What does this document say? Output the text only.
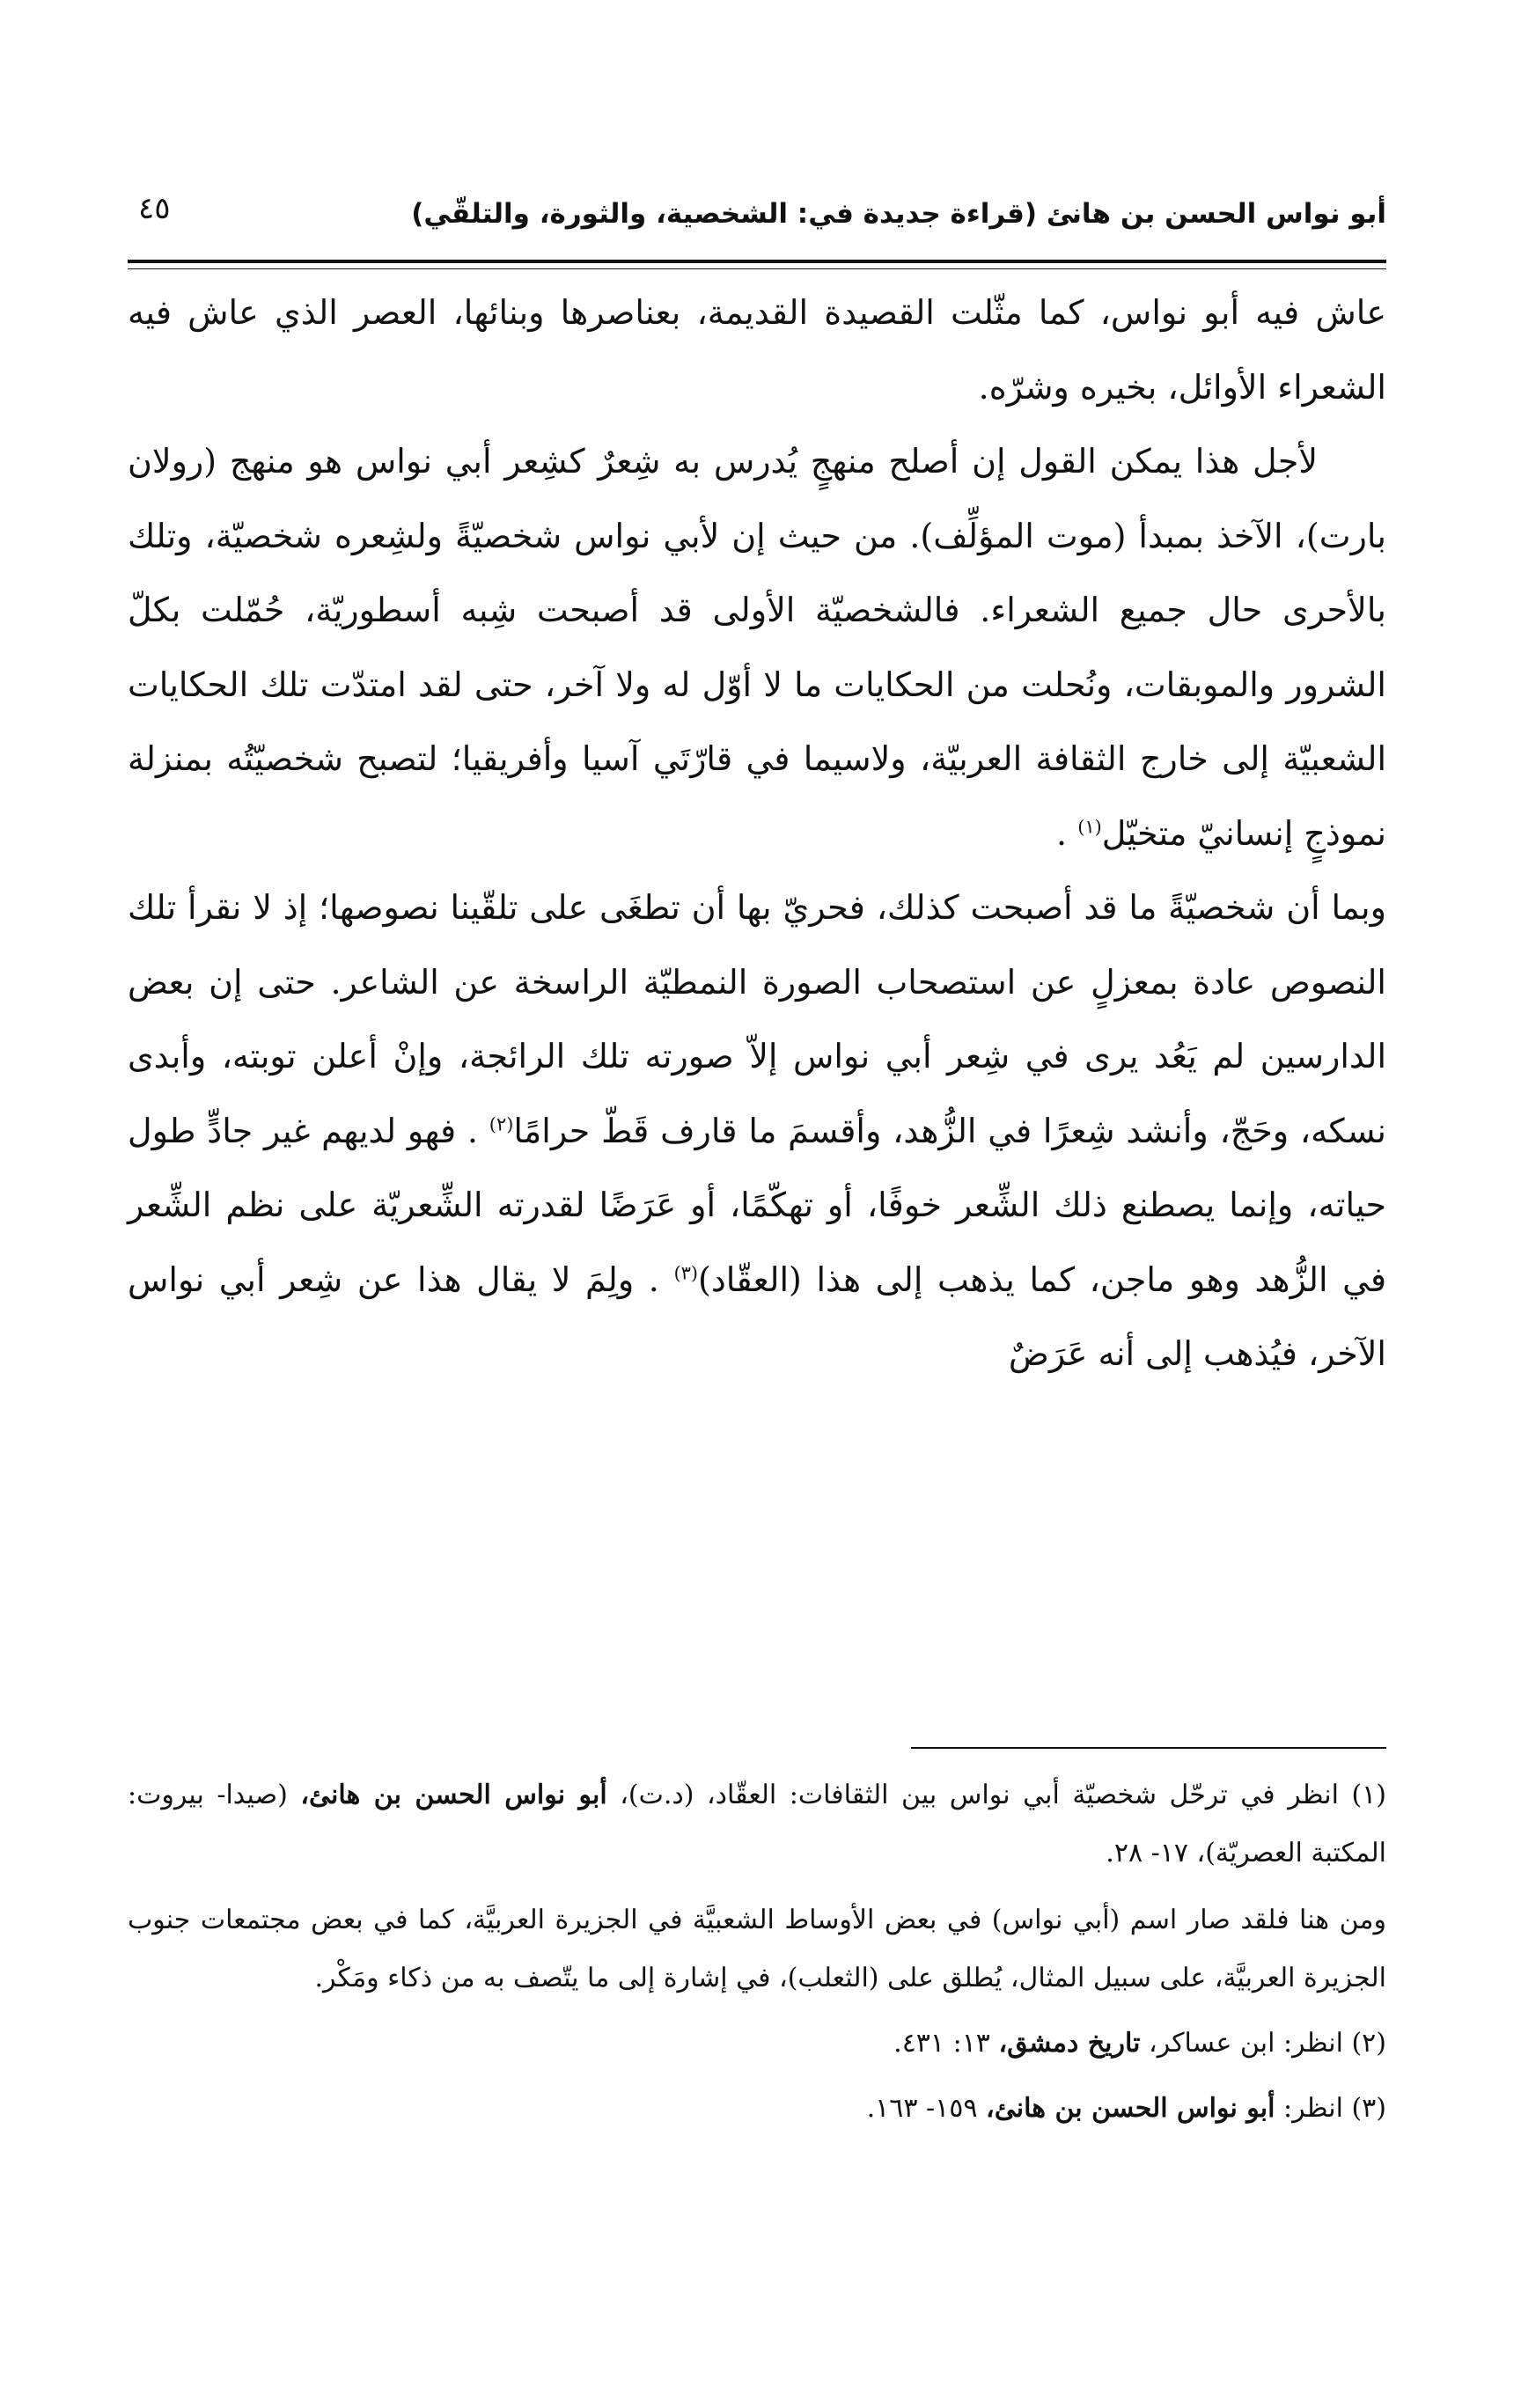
أبو نواس الحسن بن هانئ (قراءة جديدة في: الشخصية، والثورة، والتلقّي)
٤٥

عاش فيه أبو نواس، كما مثّلت القصيدة القديمة، بعناصرها وبنائها، العصر الذي عاش فيه الشعراء الأوائل، بخيره وشرّه.

لأجل هذا يمكن القول إن أصلح منهجٍ يُدرس به شِعرٌ كشِعر أبي نواس هو منهج (رولان بارت)، الآخذ بمبدأ (موت المؤلِّف). من حيث إن لأبي نواس شخصيّةً ولشِعره شخصيّة، وتلك بالأحرى حال جميع الشعراء. فالشخصيّة الأولى قد أصبحت شِبه أسطوريّة، حُمّلت بكلّ الشرور والموبقات، ونُحلت من الحكايات ما لا أوّل له ولا آخر، حتى لقد امتدّت تلك الحكايات الشعبيّة إلى خارج الثقافة العربيّة، ولاسيما في قارّتَي آسيا وأفريقيا؛ لتصبح شخصيّتُه بمنزلة نموذجٍ إنسانيّ متخيّل$^{(١)}$ .

وبما أن شخصيّةً ما قد أصبحت كذلك، فحريّ بها أن تطغَى على تلقّينا نصوصها؛ إذ لا نقرأ تلك النصوص عادة بمعزلٍ عن استصحاب الصورة النمطيّة الراسخة عن الشاعر. حتى إن بعض الدارسين لم يَعُد يرى في شِعر أبي نواس إلاّ صورته تلك الرائجة، وإنْ أعلن توبته، وأبدى نسكه، وحَجّ، وأنشد شِعرًا في الزُّهد، وأقسمَ ما قارف قَطّ حرامًا$^{(٢)}$ . فهو لديهم غير جادٍّ طول حياته، وإنما يصطنع ذلك الشِّعر خوفًا، أو تهكّمًا، أو عَرَضًا لقدرته الشِّعريّة على نظم الشِّعر في الزُّهد وهو ماجن، كما يذهب إلى هذا (العقّاد)$^{(٣)}$ . ولِمَ لا يقال هذا عن شِعر أبي نواس الآخر، فيُذهب إلى أنه عَرَضٌ

(١) انظر في ترحّل شخصيّة أبي نواس بين الثقافات: العقّاد، (د.ت)، أبو نواس الحسن بن هانئ، (صيدا- بيروت: المكتبة العصريّة)، ١٧- ٢٨.

ومن هنا فلقد صار اسم (أبي نواس) في بعض الأوساط الشعبيَّة في الجزيرة العربيَّة، كما في بعض مجتمعات جنوب الجزيرة العربيَّة، على سبيل المثال، يُطلق على (الثعلب)، في إشارة إلى ما يتّصف به من ذكاء ومَكْر.

(٢) انظر: ابن عساكر، تاريخ دمشق، ١٣: ٤٣١.

(٣) انظر: أبو نواس الحسن بن هانئ، ١٥٩- ١٦٣.
